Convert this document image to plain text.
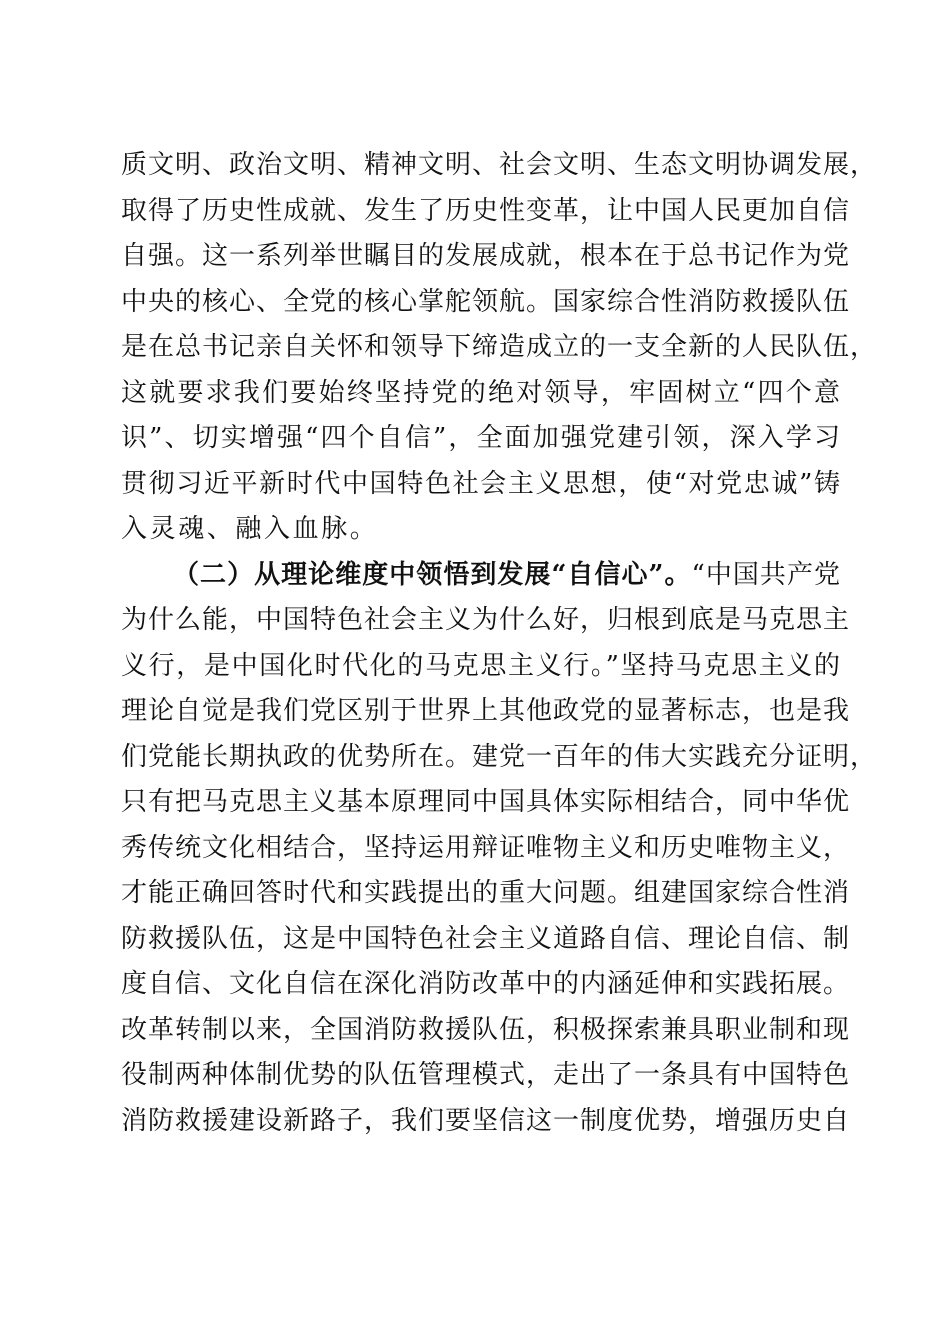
质文明、政治文明、精神文明、社会文明、生态文明协调发展，
取得了历史性成就、发生了历史性变革，让中国人民更加自信
自强。这一系列举世瞩目的发展成就，根本在于总书记作为党
中央的核心、全党的核心掌舵领航。国家综合性消防救援队伍
是在总书记亲自关怀和领导下缔造成立的一支全新的人民队伍，
这就要求我们要始终坚持党的绝对领导，牢固树立“四个意
识”、切实增强“四个自信”，全面加强党建引领，深入学习
贯彻习近平新时代中国特色社会主义思想，使“对党忠诚”铸
入灵魂、融入血脉。
（二）从理论维度中领悟到发展“自信心”。“中国共产党
为什么能，中国特色社会主义为什么好，归根到底是马克思主
义行，是中国化时代化的马克思主义行。”坚持马克思主义的
理论自觉是我们党区别于世界上其他政党的显著标志，也是我
们党能长期执政的优势所在。建党一百年的伟大实践充分证明，
只有把马克思主义基本原理同中国具体实际相结合，同中华优
秀传统文化相结合，坚持运用辩证唯物主义和历史唯物主义，
才能正确回答时代和实践提出的重大问题。组建国家综合性消
防救援队伍，这是中国特色社会主义道路自信、理论自信、制
度自信、文化自信在深化消防改革中的内涵延伸和实践拓展。
改革转制以来，全国消防救援队伍，积极探索兼具职业制和现
役制两种体制优势的队伍管理模式，走出了一条具有中国特色
消防救援建设新路子，我们要坚信这一制度优势，增强历史自
